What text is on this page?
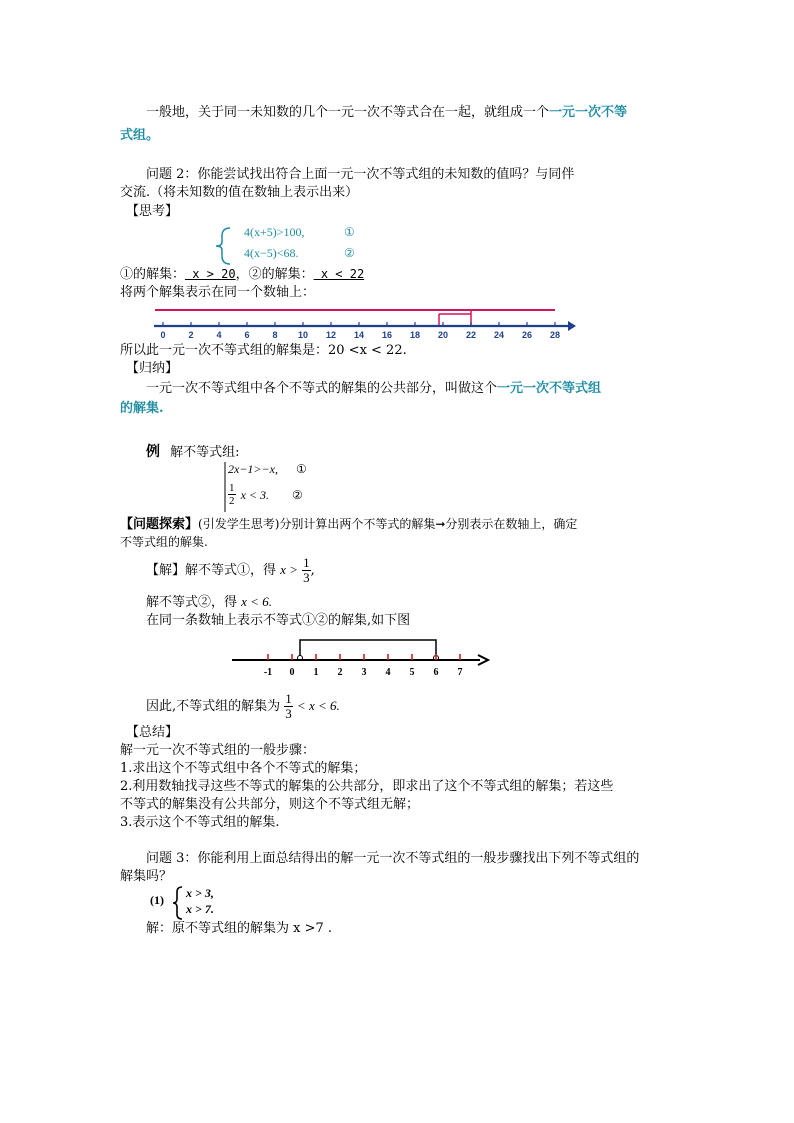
一般地，关于同一未知数的几个一元一次不等式合在一起，就组成一个一元一次不等
式组。
问题 2：你能尝试找出符合上面一元一次不等式组的未知数的值吗？与同伴
交流.（将未知数的值在数轴上表示出来）
【思考】
4(x+5)>100,	①
4(x−5)<68.	②
①的解集： x > 20，②的解集： x < 22
将两个解集表示在同一个数轴上：
0	2	4	6	8 10 12 14 16 18 20 22 24 26 28
所以此一元一次不等式组的解集是：20 <x < 22.
【归纳】
一元一次不等式组中各个不等式的解集的公共部分，叫做这个一元一次不等式组
的解集.
例 解不等式组:
2x−1>−x, ①
$\frac{1}{2}$ x < 3. ②
【问题探索】(引发学生思考)分别计算出两个不等式的解集➞分别表示在数轴上，确定
不等式组的解集.
【解】解不等式①，得 $x > \frac{1}{3}$ ,
解不等式②，得 x < 6.
在同一条数轴上表示不等式①②的解集,如下图
-1 0 1 2 3 4 5 6 7
因此,不等式组的解集为 $\frac{1}{3} < x < 6$.
【总结】
解一元一次不等式组的一般步骤：
1.求出这个不等式组中各个不等式的解集；
2.利用数轴找寻这些不等式的解集的公共部分，即求出了这个不等式组的解集；若这些
不等式的解集没有公共部分，则这个不等式组无解；
3.表示这个不等式组的解集.
问题 3：你能利用上面总结得出的解一元一次不等式组的一般步骤找出下列不等式组的
解集吗？
(1) x > 3,
x > 7.
解：原不等式组的解集为 x >7 .
